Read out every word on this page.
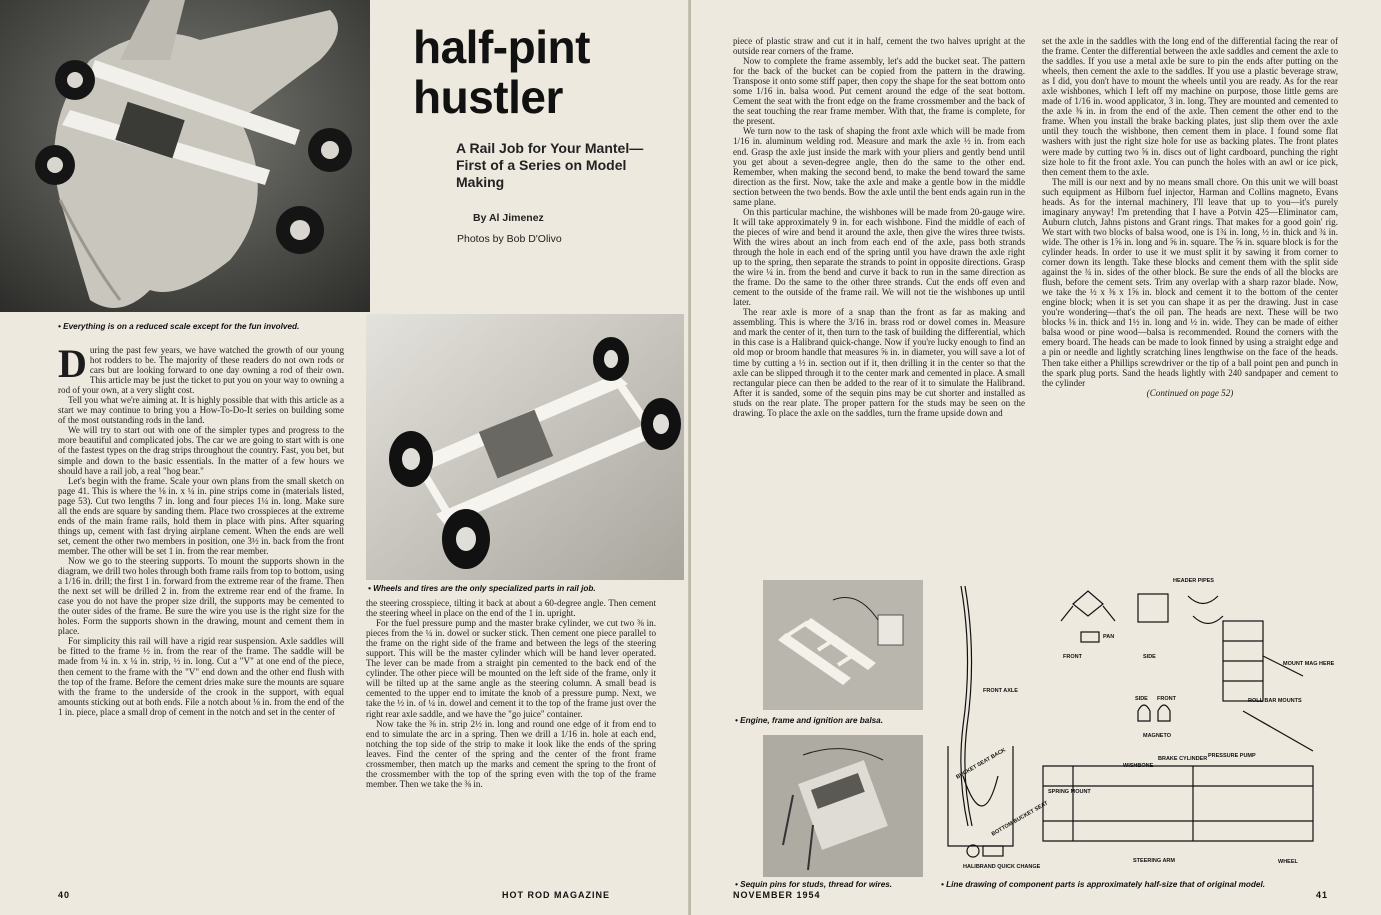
half-pint
hustler
A Rail Job for Your Mantel—First of a Series on Model Making
By Al Jimenez
Photos by Bob D'Olivo
• Everything is on a reduced scale except for the fun involved.

During the past few years, we have watched the growth of our young hot rodders to be. The majority of these readers do not own rods or cars but are looking forward to one day owning a rod of their own. This article may be just the ticket to put you on your way to owning a rod of your own, at a very slight cost.

Tell you what we're aiming at. It is highly possible that with this article as a start we may continue to bring you a How-To-Do-It series on building some of the most outstanding rods in the land.

We will try to start out with one of the simpler types and progress to the more beautiful and complicated jobs. The car we are going to start with is one of the fastest types on the drag strips throughout the country. Fast, you bet, but simple and down to the basic essentials. In the matter of a few hours we should have a rail job, a real "hog bear."

Let's begin with the frame. Scale your own plans from the small sketch on page 41. This is where the ⅛ in. x ¼ in. pine strips come in (materials listed, page 53). Cut two lengths 7 in. long and four pieces 1¼ in. long. Make sure all the ends are square by sanding them. Place two crosspieces at the extreme ends of the main frame rails, hold them in place with pins. After squaring things up, cement with fast drying airplane cement. When the ends are well set, cement the other two members in position, one 3½ in. back from the front member. The other will be set 1 in. from the rear member.

Now we go to the steering supports. To mount the supports shown in the diagram, we drill two holes through both frame rails from top to bottom, using a 1/16 in. drill; the first 1 in. forward from the extreme rear of the frame. Then the next set will be drilled 2 in. from the extreme rear end of the frame. In case you do not have the proper size drill, the supports may be cemented to the outer sides of the frame. Be sure the wire you use is the right size for the holes. Form the supports shown in the drawing, mount and cement them in place.

For simplicity this rail will have a rigid rear suspension. Axle saddles will be fitted to the frame ½ in. from the rear of the frame. The saddle will be made from ¼ in. x ¼ in. strip, ½ in. long. Cut a "V" at one end of the piece, then cement to the frame with the "V" end down and the other end flush with the top of the frame. Before the cement dries make sure the mounts are square with the frame to the underside of the crook in the support, with equal amounts sticking out at both ends. File a notch about ⅛ in. from the end of the 1 in. piece, place a small drop of cement in the notch and set in the center of

• Wheels and tires are the only specialized parts in rail job.

the steering crosspiece, tilting it back at about a 60-degree angle. Then cement the steering wheel in place on the end of the 1 in. upright.

For the fuel pressure pump and the master brake cylinder, we cut two ⅜ in. pieces from the ¼ in. dowel or sucker stick. Then cement one piece parallel to the frame on the right side of the frame and between the legs of the steering support. This will be the master cylinder which will be hand lever operated. The lever can be made from a straight pin cemented to the back end of the cylinder. The other piece will be mounted on the left side of the frame, only it will be tilted up at the same angle as the steering column. A small bead is cemented to the upper end to imitate the knob of a pressure pump. Next, we take the ½ in. of ¼ in. dowel and cement it to the top of the frame just over the right rear axle saddle, and we have the "go juice" container.

Now take the ⅜ in. strip 2½ in. long and round one edge of it from end to end to simulate the arc in a spring. Then we drill a 1/16 in. hole at each end, notching the top side of the strip to make it look like the ends of the spring leaves. Find the center of the spring and the center of the front frame crossmember, then match up the marks and cement the spring to the front of the crossmember with the top of the spring even with the top of the frame member. Then we take the ⅜ in.

40	HOT ROD MAGAZINE

piece of plastic straw and cut it in half, cement the two halves upright at the outside rear corners of the frame.

Now to complete the frame assembly, let's add the bucket seat. The pattern for the back of the bucket can be copied from the pattern in the drawing. Transpose it onto some stiff paper, then copy the shape for the seat bottom onto some 1/16 in. balsa wood. Put cement around the edge of the seat bottom. Cement the seat with the front edge on the frame crossmember and the back of the seat touching the rear frame member. With that, the frame is complete, for the present.

We turn now to the task of shaping the front axle which will be made from 1/16 in. aluminum welding rod. Measure and mark the axle ½ in. from each end. Grasp the axle just inside the mark with your pliers and gently bend until you get about a seven-degree angle, then do the same to the other end. Remember, when making the second bend, to make the bend toward the same direction as the first. Now, take the axle and make a gentle bow in the middle section between the two bends. Bow the axle until the bent ends again run in the same plane.

On this particular machine, the wishbones will be made from 20-gauge wire. It will take approximately 9 in. for each wishbone. Find the middle of each of the pieces of wire and bend it around the axle, then give the wires three twists. With the wires about an inch from each end of the axle, pass both strands through the hole in each end of the spring until you have drawn the axle right up to the spring, then separate the strands to point in opposite directions. Grasp the wire ¼ in. from the bend and curve it back to run in the same direction as the frame. Do the same to the other three strands. Cut the ends off even and cement to the outside of the frame rail. We will not tie the wishbones up until later.

The rear axle is more of a snap than the front as far as making and assembling. This is where the 3/16 in. brass rod or dowel comes in. Measure and mark the center of it, then turn to the task of building the differential, which in this case is a Halibrand quick-change. Now if you're lucky enough to find an old mop or broom handle that measures ⅝ in. in diameter, you will save a lot of time by cutting a ½ in. section out if it, then drilling it in the center so that the axle can be slipped through it to the center mark and cemented in place. A small rectangular piece can then be added to the rear of it to simulate the Halibrand. After it is sanded, some of the sequin pins may be cut shorter and installed as studs on the rear plate. The proper pattern for the studs may be seen on the drawing. To place the axle on the saddles, turn the frame upside down and

set the axle in the saddles with the long end of the differential facing the rear of the frame. Center the differential between the axle saddles and cement the axle to the saddles. If you use a metal axle be sure to pin the ends after putting on the wheels, then cement the axle to the saddles. If you use a plastic beverage straw, as I did, you don't have to mount the wheels until you are ready. As for the rear axle wishbones, which I left off my machine on purpose, those little gems are made of 1/16 in. wood applicator, 3 in. long. They are mounted and cemented to the axle ⅜ in. in from the end of the axle. Then cement the other end to the frame. When you install the brake backing plates, just slip them over the axle until they touch the wishbone, then cement them in place. I found some flat washers with just the right size hole for use as backing plates. The front plates were made by cutting two ⅝ in. discs out of light cardboard, punching the right size hole to fit the front axle. You can punch the holes with an awl or ice pick, then cement them to the axle.

The mill is our next and by no means small chore. On this unit we will boast such equipment as Hilborn fuel injector, Harman and Collins magneto, Evans heads. As for the internal machinery, I'll leave that up to you—it's purely imaginary anyway! I'm pretending that I have a Potvin 425—Eliminator cam, Auburn clutch, Jahns pistons and Grant rings. That makes for a good goin' rig. We start with two blocks of balsa wood, one is 1¾ in. long, ½ in. thick and ¾ in. wide. The other is 1⅝ in. long and ⅝ in. square. The ⅝ in. square block is for the cylinder heads. In order to use it we must split it by sawing it from corner to corner down its length. Take these blocks and cement them with the split side against the ¾ in. sides of the other block. Be sure the ends of all the blocks are flush, before the cement sets. Trim any overlap with a sharp razor blade. Now, we take the ½ x ⅜ x 1⅝ in. block and cement it to the bottom of the center engine block; when it is set you can shape it as per the drawing. Just in case you're wondering—that's the oil pan. The heads are next. These will be two blocks ⅛ in. thick and 1½ in. long and ½ in. wide. They can be made of either balsa wood or pine wood—balsa is recommended. Round the corners with the emery board. The heads can be made to look finned by using a straight edge and a pin or needle and lightly scratching lines lengthwise on the face of the heads. Then take either a Phillips screwdriver or the tip of a ball point pen and punch in the spark plug ports. Sand the heads lightly with 240 sandpaper and cement to the cylinder

(Continued on page 52)
• Engine, frame and ignition are balsa.
• Sequin pins for studs, thread for wires.
HEADER PIPES
PAN
FRONT	SIDE
MOUNT MAG HERE
FRONT AXLE
SIDE FRONT	ROLL BAR MOUNTS
MAGNETO
BUCKET SEAT BACK
BOTTOM BUCKET SEAT
BRAKE CYLINDER PRESSURE PUMP
WISHBONE
SPRING MOUNT
HALIBRAND QUICK CHANGE
STEERING ARM	WHEEL
• Line drawing of component parts is approximately half-size that of original model.
NOVEMBER 1954	41
